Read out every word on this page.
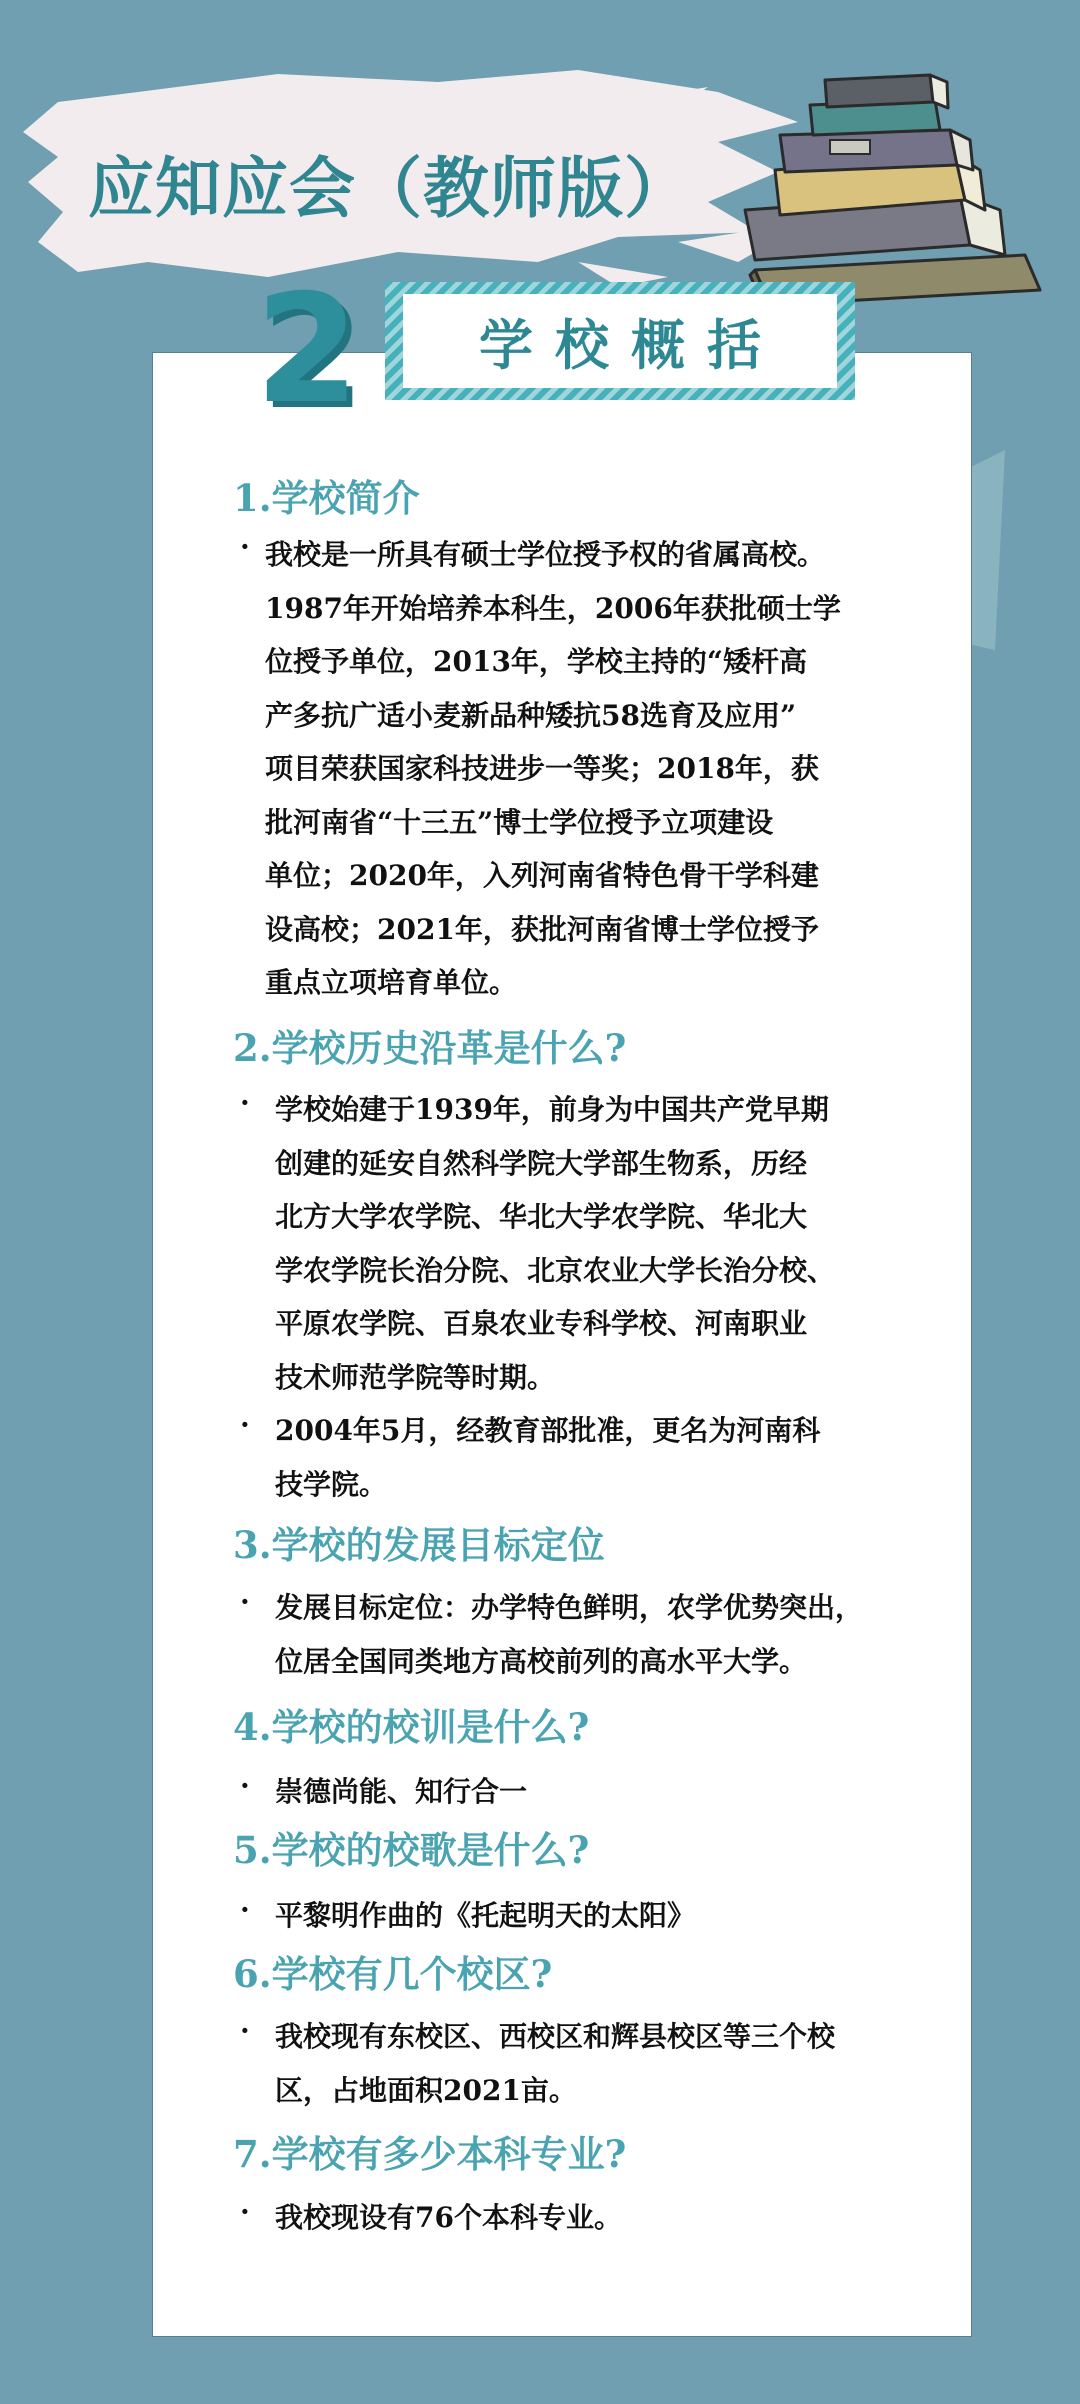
应知应会（教师版）
2	学校概括
1.学校简介
· 我校是一所具有硕士学位授予权的省属高校。
1987年开始培养本科生，2006年获批硕士学
位授予单位，2013年，学校主持的“矮杆高
产多抗广适小麦新品种矮抗58选育及应用”
项目荣获国家科技进步一等奖；2018年，获
批河南省“十三五”博士学位授予立项建设
单位；2020年，入列河南省特色骨干学科建
设高校；2021年，获批河南省博士学位授予
重点立项培育单位。
2.学校历史沿革是什么?
· 学校始建于1939年，前身为中国共产党早期
创建的延安自然科学院大学部生物系，历经
北方大学农学院、华北大学农学院、华北大
学农学院长治分院、北京农业大学长治分校、
平原农学院、百泉农业专科学校、河南职业
技术师范学院等时期。
· 2004年5月，经教育部批准，更名为河南科
技学院。
3.学校的发展目标定位
· 发展目标定位：办学特色鲜明，农学优势突出，
位居全国同类地方高校前列的高水平大学。
4.学校的校训是什么?
· 崇德尚能、知行合一
5.学校的校歌是什么?
· 平黎明作曲的《托起明天的太阳》
6.学校有几个校区?
· 我校现有东校区、西校区和辉县校区等三个校
区，占地面积2021亩。
7.学校有多少本科专业?
· 我校现设有76个本科专业。
